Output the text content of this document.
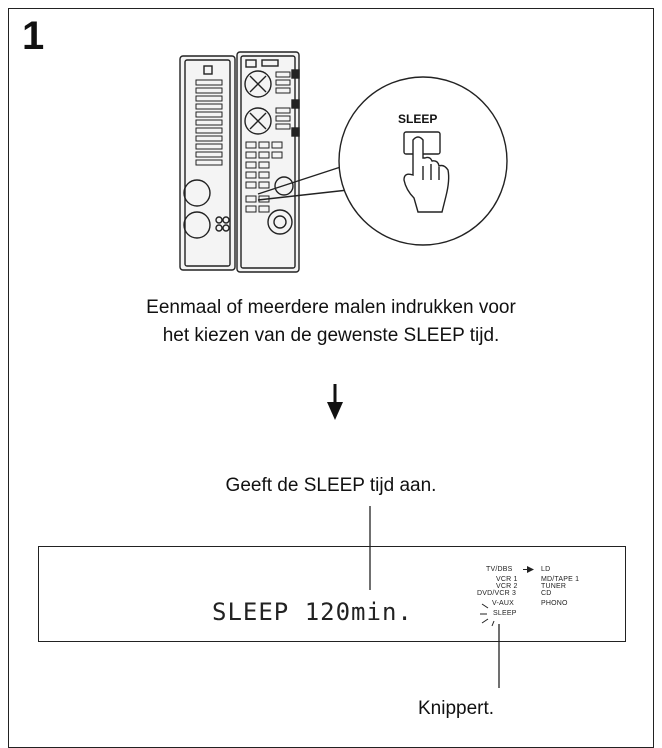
1
SLEEP
Eenmaal of meerdere malen indrukken voor
het kiezen van de gewenste SLEEP tijd.
Geeft de SLEEP tijd aan.
SLEEP 120min.
TV/DBS
VCR 1
VCR 2
DVD/VCR 3
V-AUX
SLEEP
LD
MD/TAPE 1
TUNER
CD
PHONO
Knippert.
